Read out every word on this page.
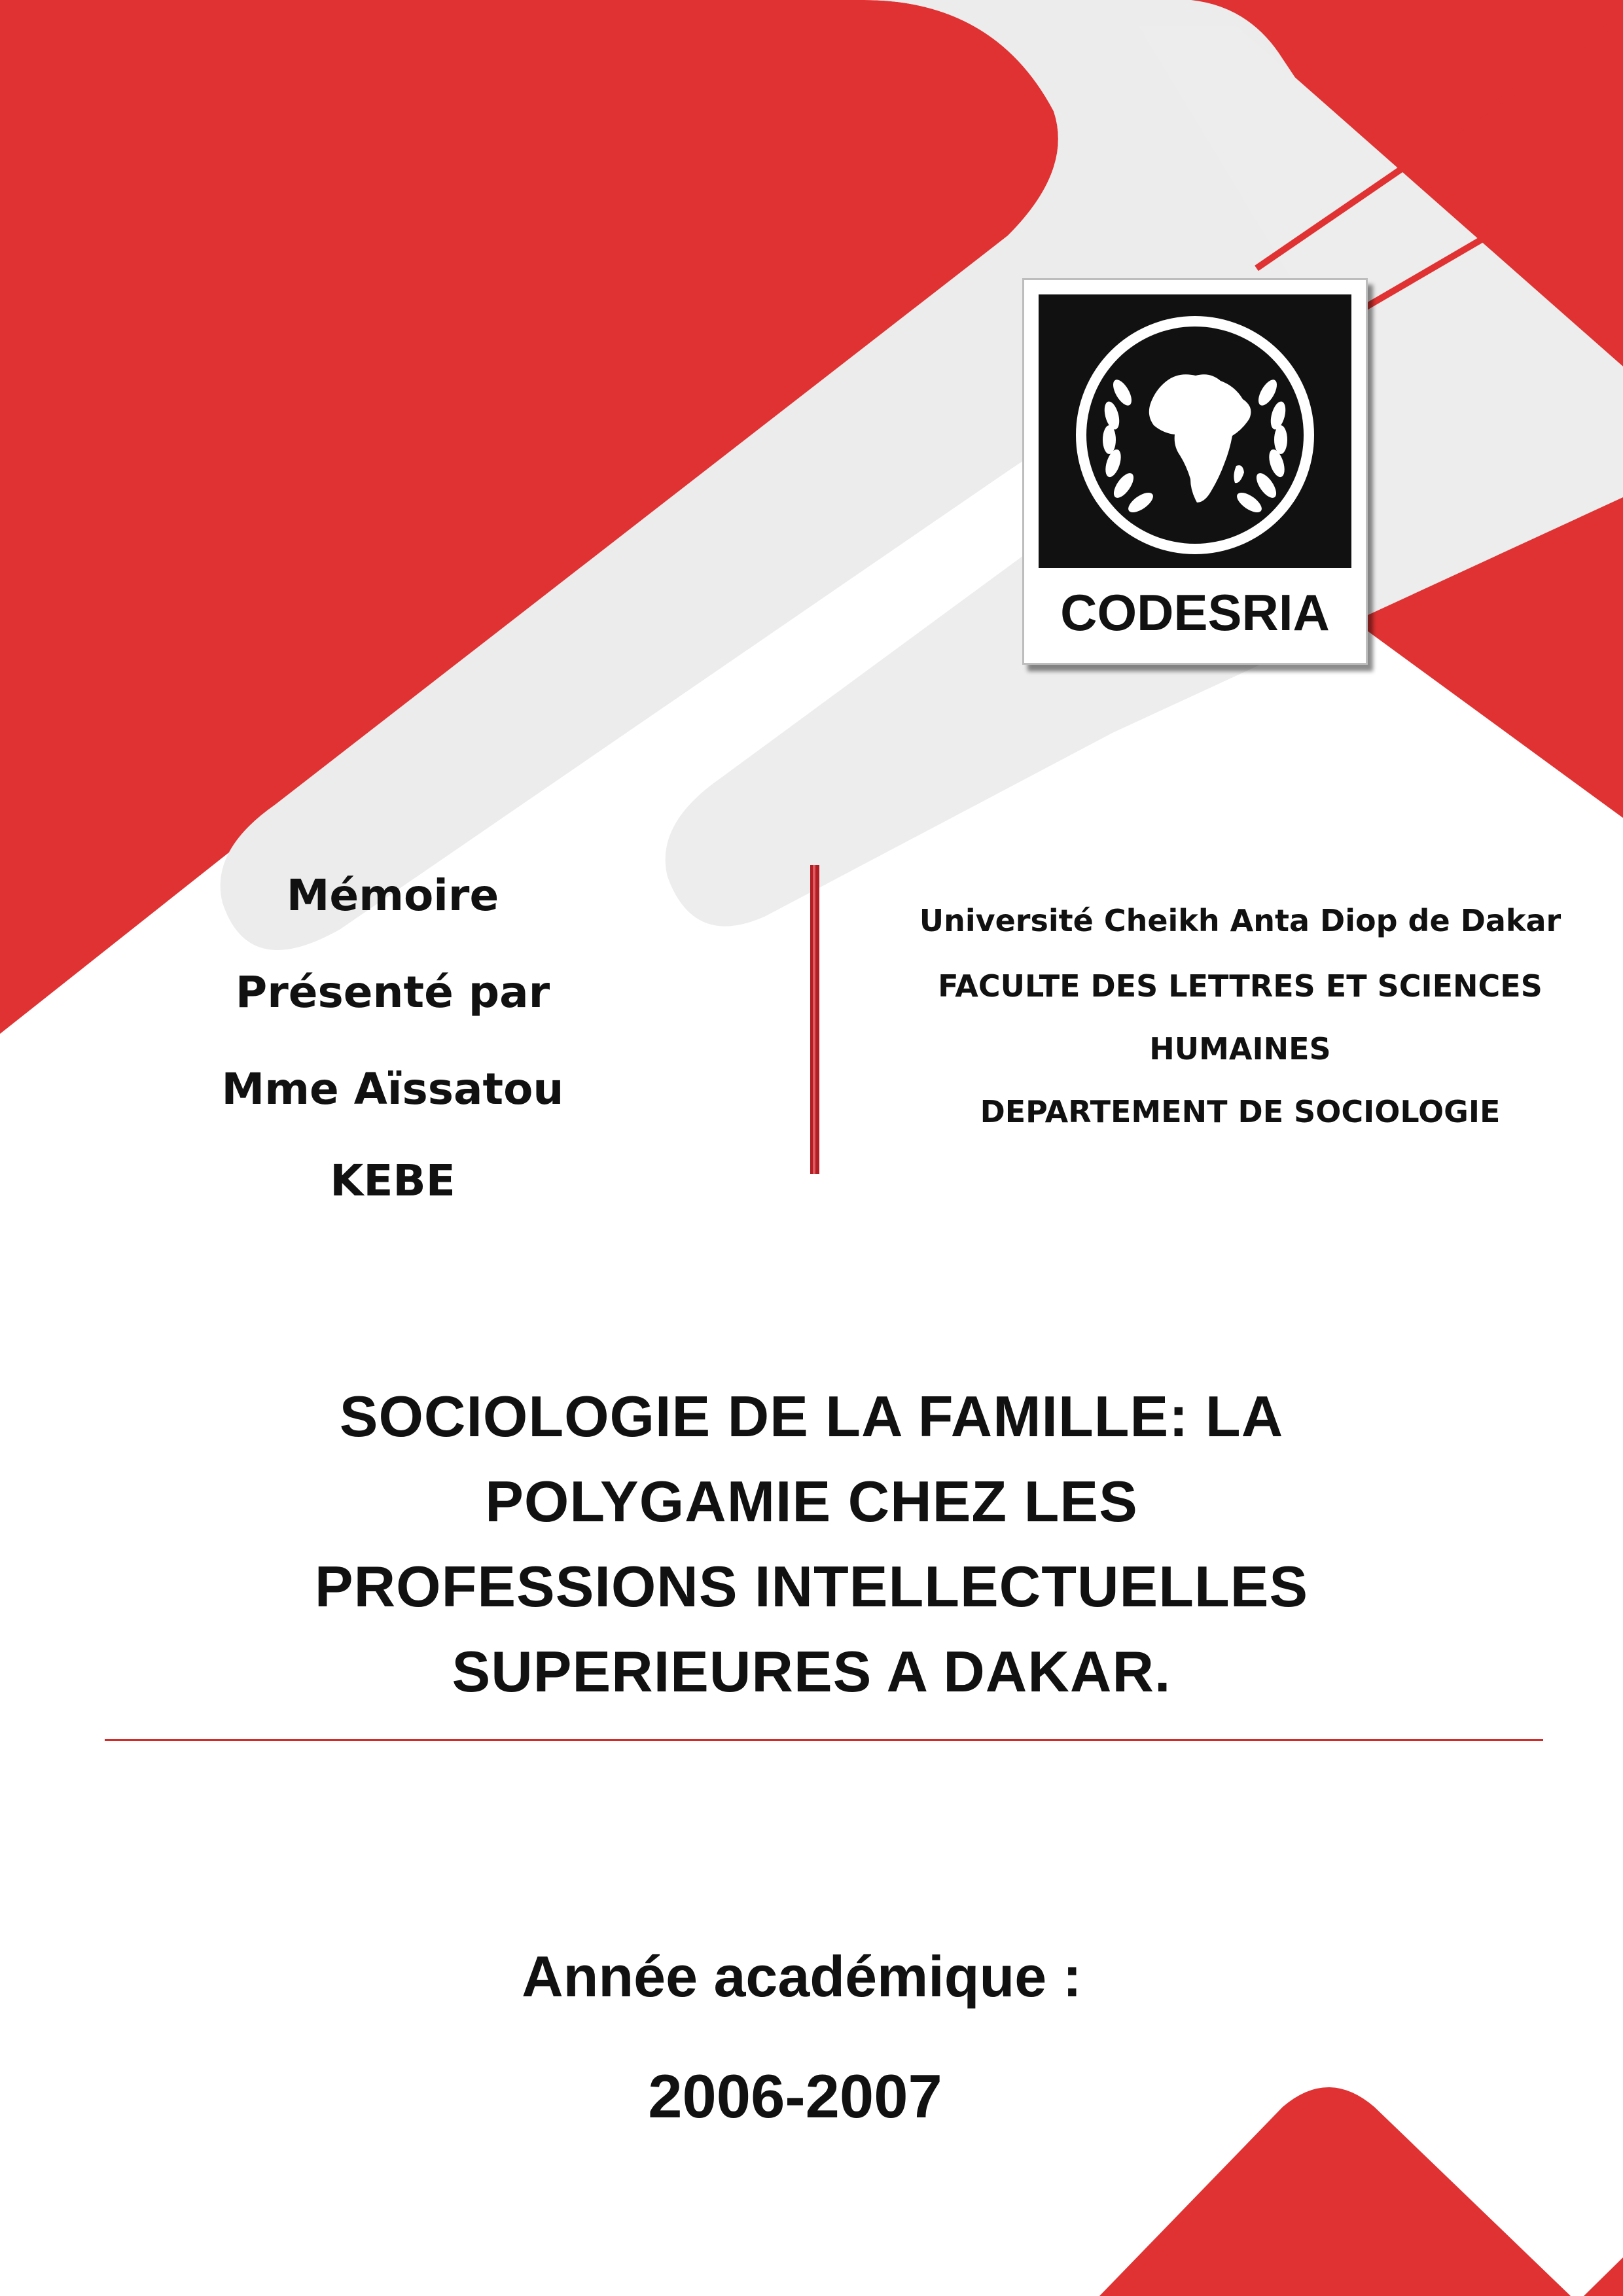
CODESRIA
Mémoire
Présenté par
Mme Aïssatou
KEBE
Université Cheikh Anta Diop de Dakar
FACULTE DES LETTRES ET SCIENCES
HUMAINES
DEPARTEMENT DE SOCIOLOGIE
SOCIOLOGIE DE LA FAMILLE: LA
POLYGAMIE CHEZ LES
PROFESSIONS INTELLECTUELLES
SUPERIEURES A DAKAR.
Année académique :
2006-2007
